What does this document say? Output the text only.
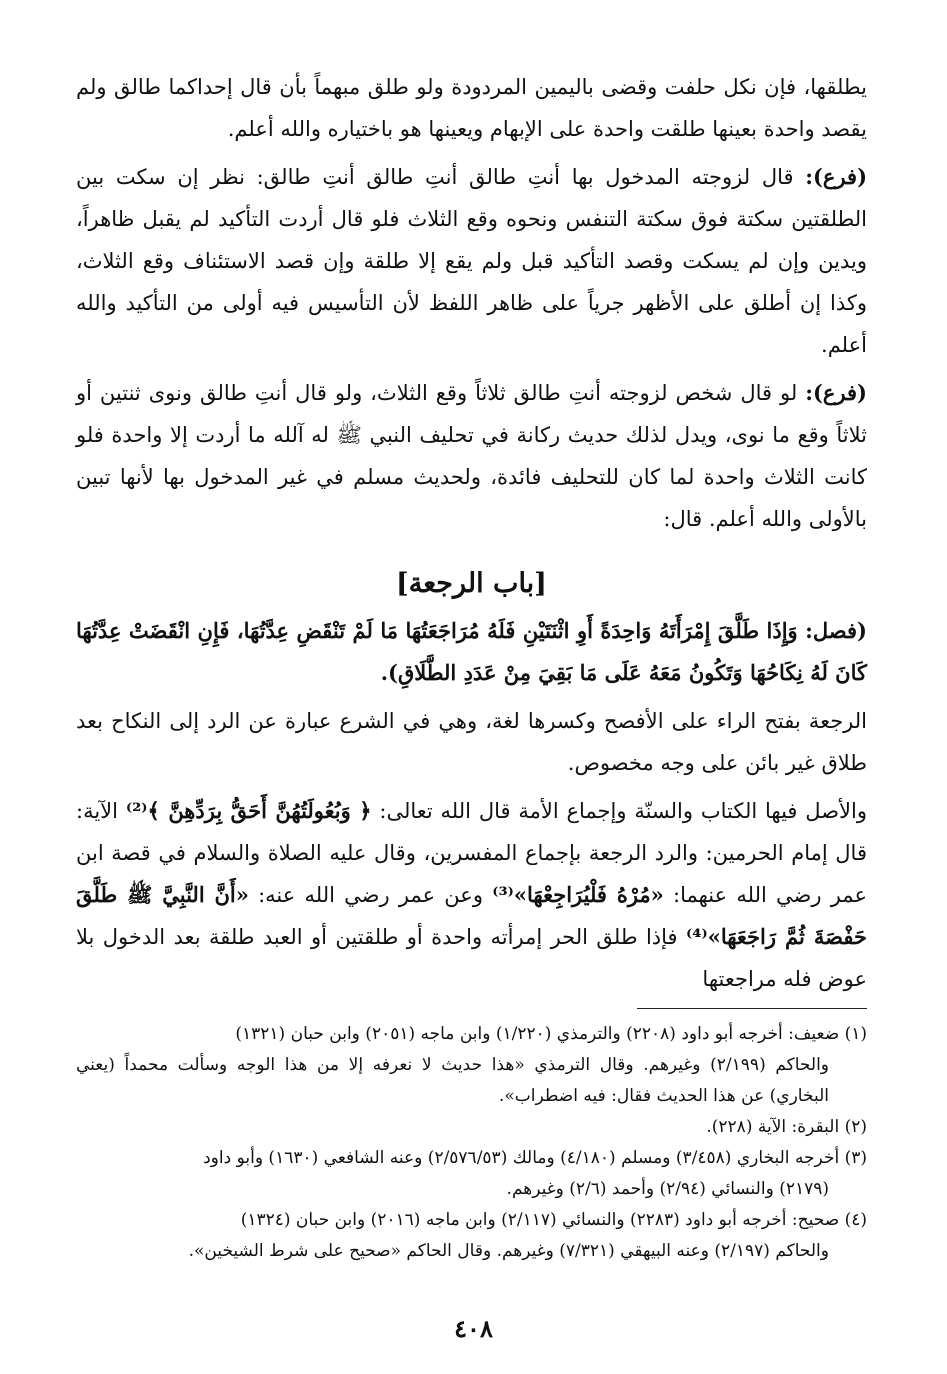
يطلقها، فإن نكل حلفت وقضى باليمين المردودة ولو طلق مبهماً بأن قال إحداكما طالق ولم يقصد واحدة بعينها طلقت واحدة على الإبهام ويعينها هو باختياره والله أعلم.

(فرع): قال لزوجته المدخول بها أنتِ طالق أنتِ طالق أنتِ طالق: نظر إن سكت بين الطلقتين سكتة فوق سكتة التنفس ونحوه وقع الثلاث فلو قال أردت التأكيد لم يقبل ظاهراً، ويدين وإن لم يسكت وقصد التأكيد قبل ولم يقع إلا طلقة وإن قصد الاستئناف وقع الثلاث، وكذا إن أطلق على الأظهر جرياً على ظاهر اللفظ لأن التأسيس فيه أولى من التأكيد والله أعلم.

(فرع): لو قال شخص لزوجته أنتِ طالق ثلاثاً وقع الثلاث، ولو قال أنتِ طالق ونوى ثنتين أو ثلاثاً وقع ما نوى، ويدل لذلك حديث ركانة في تحليف النبي ﷺ له آلله ما أردت إلا واحدة فلو كانت الثلاث واحدة لما كان للتحليف فائدة، ولحديث مسلم في غير المدخول بها لأنها تبين بالأولى والله أعلم. قال:

[باب الرجعة]

(فصل: وَإِذَا طَلَّقَ إِمْرَأَتَهُ وَاحِدَةً أَوِ اثْنَتَيْنِ فَلَهُ مُرَاجَعَتُهَا مَا لَمْ تَنْقَضِ عِدَّتُهَا، فَإِنِ انْقَضَتْ عِدَّتُهَا كَانَ لَهُ نِكَاحُهَا وَتَكُونُ مَعَهُ عَلَى مَا بَقِيَ مِنْ عَدَدِ الطَّلَاقِ).

الرجعة بفتح الراء على الأفصح وكسرها لغة، وهي في الشرع عبارة عن الرد إلى النكاح بعد طلاق غير بائن على وجه مخصوص.

والأصل فيها الكتاب والسنّة وإجماع الأمة قال الله تعالى: ﴿ وَبُعُولَتُهُنَّ أَحَقُّ بِرَدِّهِنَّ ﴾⁽²⁾ الآية: قال إمام الحرمين: والرد الرجعة بإجماع المفسرين، وقال عليه الصلاة والسلام في قصة ابن عمر رضي الله عنهما: «مُرْهُ فَلْيُرَاجِعْهَا»⁽³⁾ وعن عمر رضي الله عنه: «أَنَّ النَّبِيَّ ﷺ طَلَّقَ حَفْصَةَ ثُمَّ رَاجَعَهَا»⁽⁴⁾ فإذا طلق الحر إمرأته واحدة أو طلقتين أو العبد طلقة بعد الدخول بلا عوض فله مراجعتها

(١) ضعيف: أخرجه أبو داود (٢٢٠٨) والترمذي (١/٢٢٠) وابن ماجه (٢٠٥١) وابن حبان (١٣٢١)
والحاكم (٢/١٩٩) وغيرهم. وقال الترمذي «هذا حديث لا نعرفه إلا من هذا الوجه وسألت محمداً (يعني البخاري) عن هذا الحديث فقال: فيه اضطراب».

(٢) البقرة: الآية (٢٢٨).

(٣) أخرجه البخاري (٣/٤٥٨) ومسلم (٤/١٨٠) ومالك (٢/٥٧٦/٥٣) وعنه الشافعي (١٦٣٠) وأبو داود
(٢١٧٩) والنسائي (٢/٩٤) وأحمد (٢/٦) وغيرهم.

(٤) صحيح: أخرجه أبو داود (٢٢٨٣) والنسائي (٢/١١٧) وابن ماجه (٢٠١٦) وابن حبان (١٣٢٤)
والحاكم (٢/١٩٧) وعنه البيهقي (٧/٣٢١) وغيرهم. وقال الحاكم «صحيح على شرط الشيخين».

٤٠٨
